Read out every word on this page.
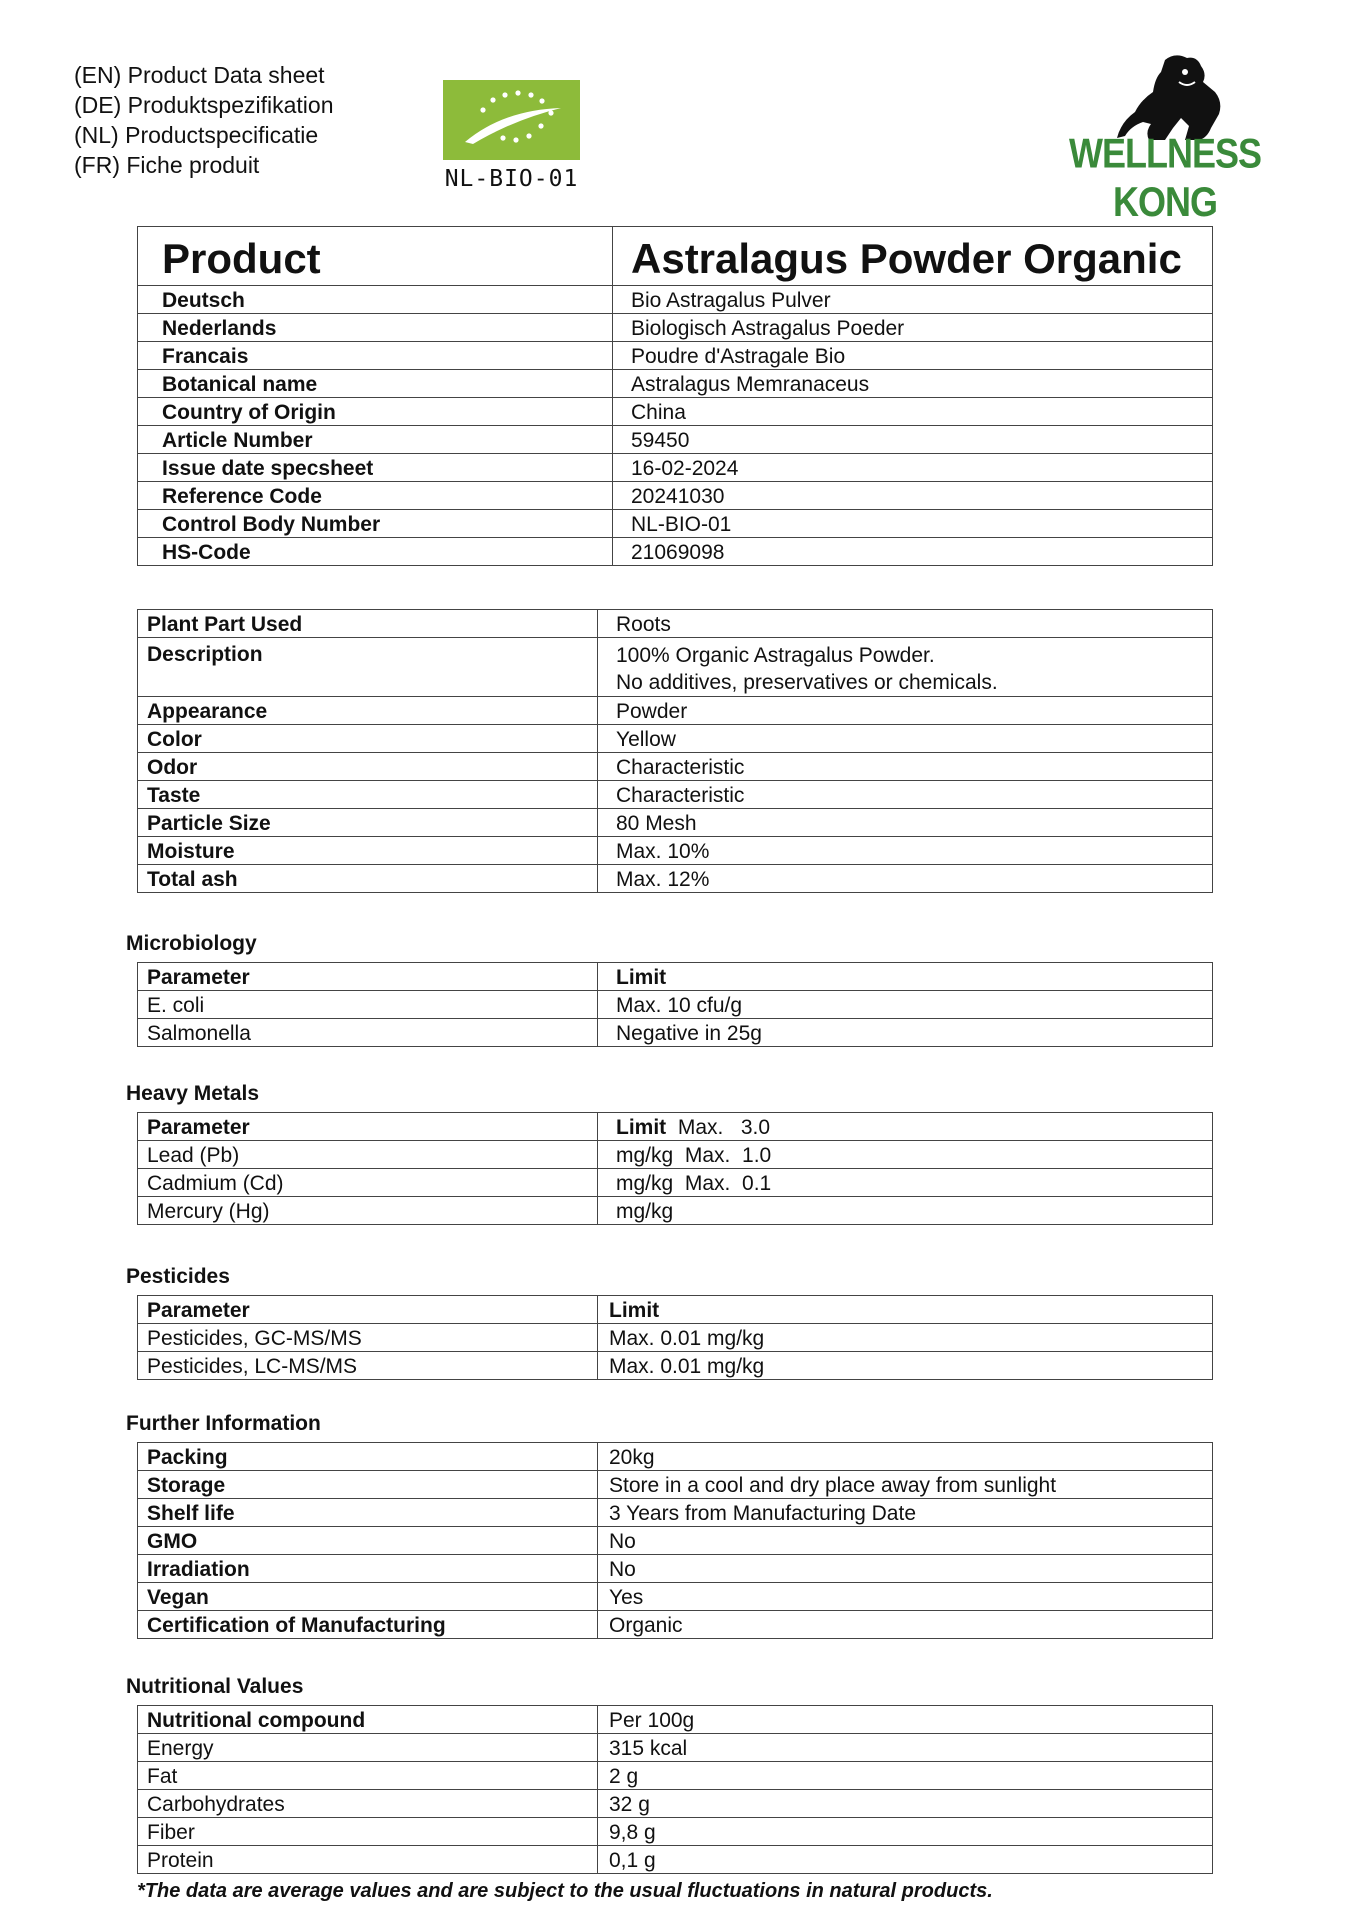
(EN) Product Data sheet
(DE) Produktspezifikation
(NL) Productspecificatie
(FR) Fiche produit
NL-BIO-01
WELLNESS KONG
Product	Astralagus Powder Organic
Deutsch	Bio Astragalus Pulver
Nederlands	Biologisch Astragalus Poeder
Francais	Poudre d'Astragale Bio
Botanical name	Astralagus Memranaceus
Country of Origin	China
Article Number	59450
Issue date specsheet	16-02-2024
Reference Code	20241030
Control Body Number	NL-BIO-01
HS-Code	21069098
Plant Part Used	Roots
Description	100% Organic Astragalus Powder.
No additives, preservatives or chemicals.

Appearance	Powder
Color	Yellow
Odor	Characteristic
Taste	Characteristic
Particle Size	80 Mesh
Moisture	Max. 10%
Total ash	Max. 12%
Microbiology
Parameter	Limit
E. coli	Max. 10 cfu/g
Salmonella	Negative in 25g
Heavy Metals
Parameter	Limit Max.   3.0
Lead (Pb)	mg/kg  Max.  1.0
Cadmium (Cd)	mg/kg  Max.  0.1
Mercury (Hg)	mg/kg
Pesticides
Parameter	Limit
Pesticides, GC-MS/MS	Max. 0.01 mg/kg
Pesticides, LC-MS/MS	Max. 0.01 mg/kg
Further Information
Packing	20kg
Storage	Store in a cool and dry place away from sunlight
Shelf life	3 Years from Manufacturing Date
GMO	No
Irradiation	No
Vegan	Yes
Certification of Manufacturing	Organic
Nutritional Values
Nutritional compound	Per 100g
Energy	315 kcal
Fat	2 g
Carbohydrates	32 g
Fiber	9,8 g
Protein	0,1 g
*The data are average values and are subject to the usual fluctuations in natural products.
